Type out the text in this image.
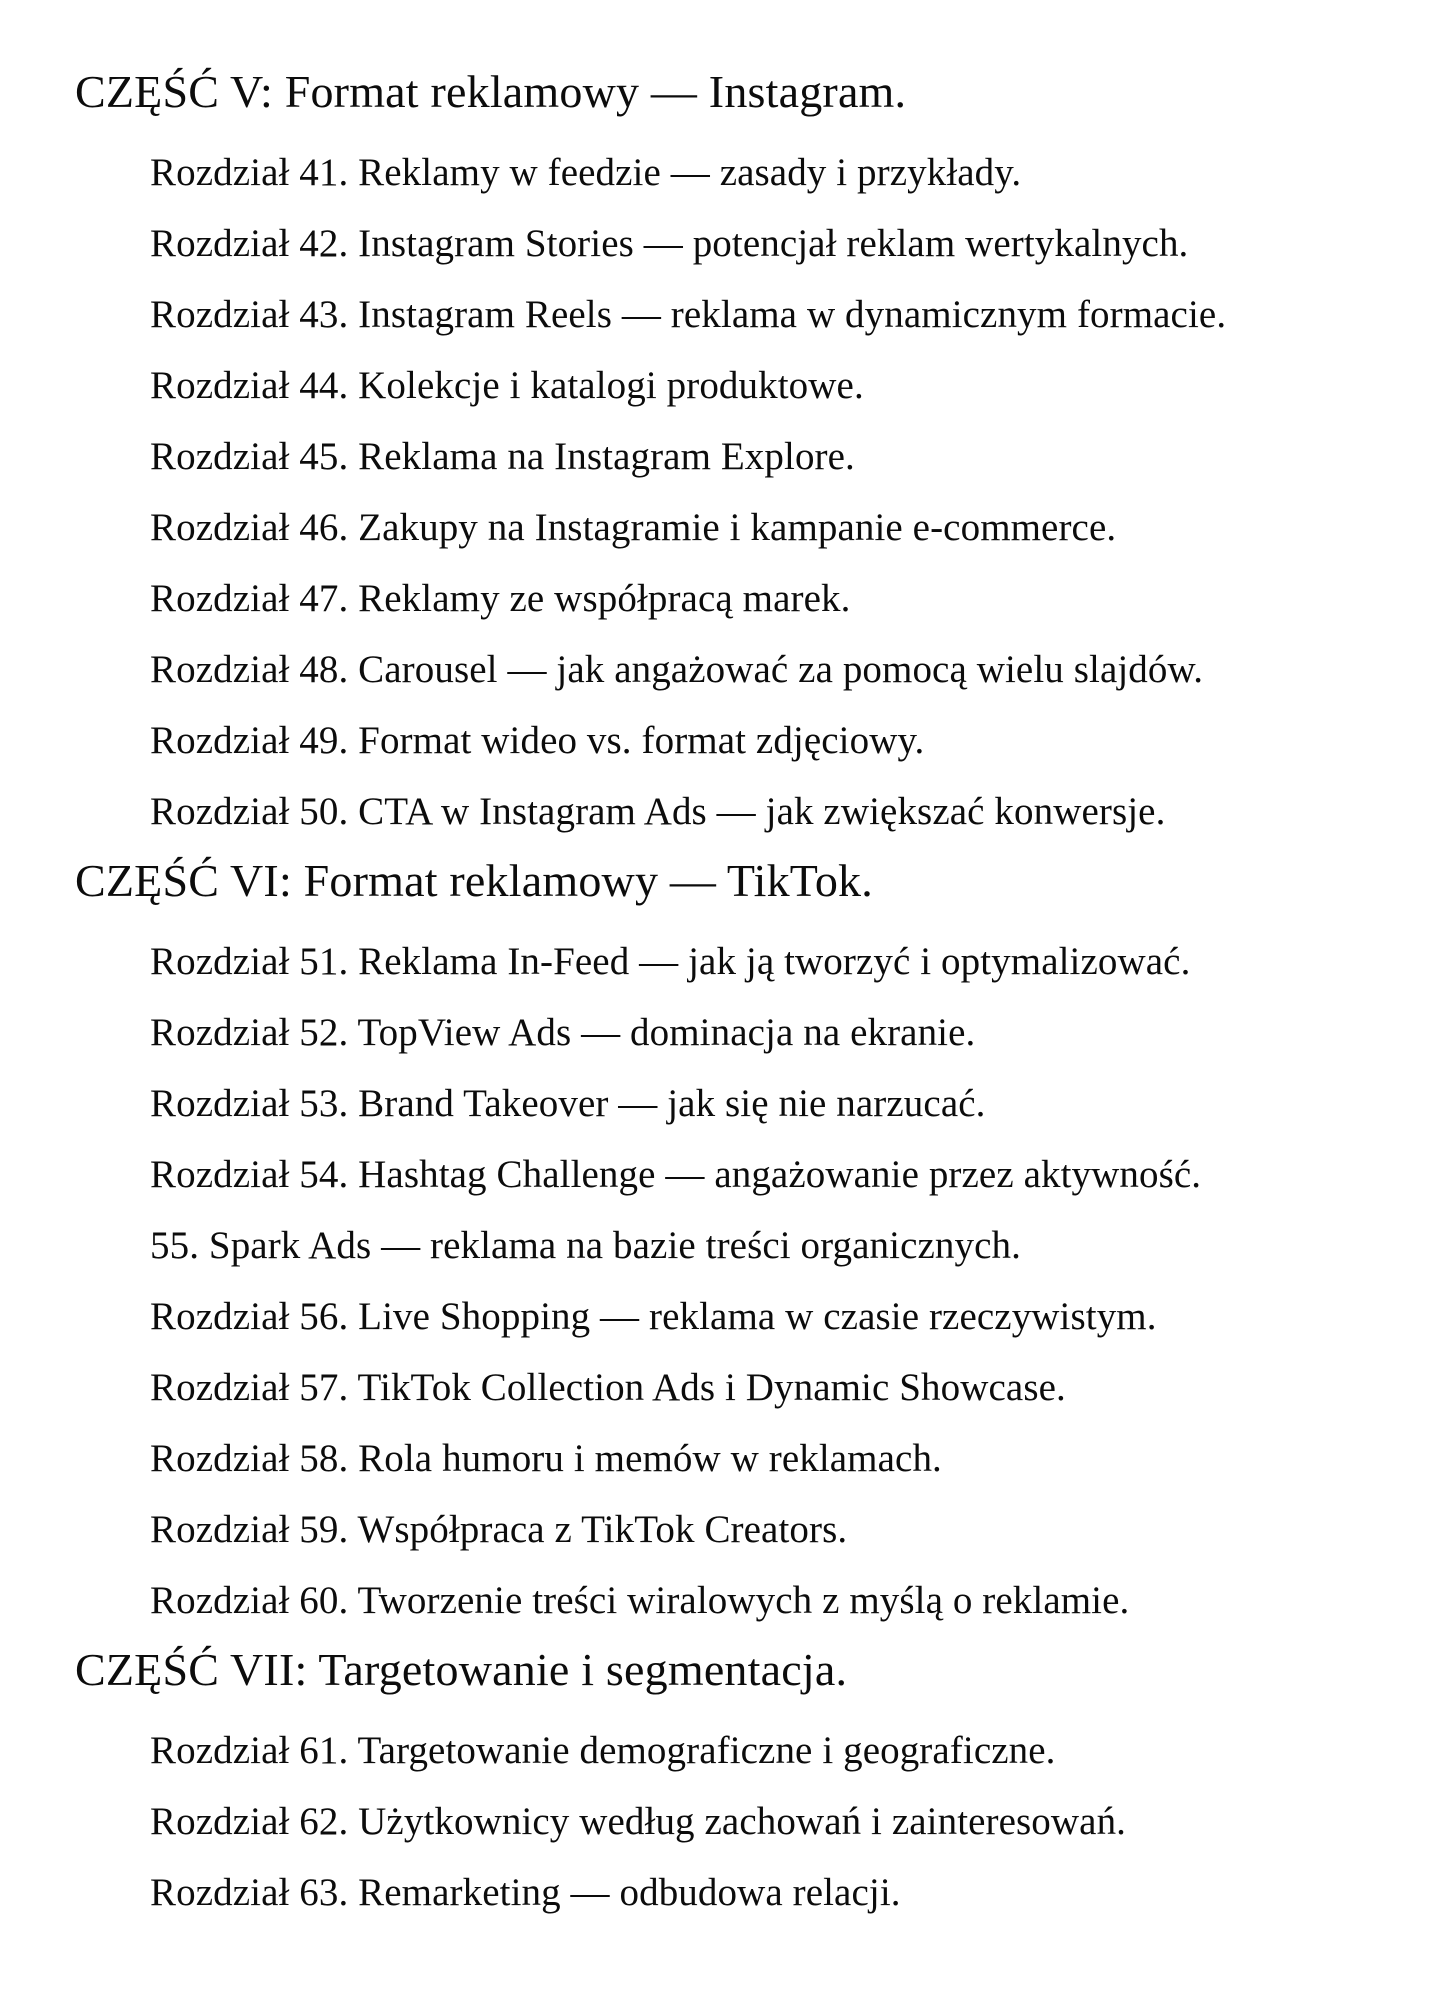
CZĘŚĆ V: Format reklamowy — Instagram.

Rozdział 41. Reklamy w feedzie — zasady i przykłady.

Rozdział 42. Instagram Stories — potencjał reklam wertykalnych.

Rozdział 43. Instagram Reels — reklama w dynamicznym formacie.

Rozdział 44. Kolekcje i katalogi produktowe.

Rozdział 45. Reklama na Instagram Explore.

Rozdział 46. Zakupy na Instagramie i kampanie e-commerce.

Rozdział 47. Reklamy ze współpracą marek.

Rozdział 48. Carousel — jak angażować za pomocą wielu slajdów.

Rozdział 49. Format wideo vs. format zdjęciowy.

Rozdział 50. CTA w Instagram Ads — jak zwiększać konwersje.

CZĘŚĆ VI: Format reklamowy — TikTok.

Rozdział 51. Reklama In-Feed — jak ją tworzyć i optymalizować.

Rozdział 52. TopView Ads — dominacja na ekranie.

Rozdział 53. Brand Takeover — jak się nie narzucać.

Rozdział 54. Hashtag Challenge — angażowanie przez aktywność.

55. Spark Ads — reklama na bazie treści organicznych.

Rozdział 56. Live Shopping — reklama w czasie rzeczywistym.

Rozdział 57. TikTok Collection Ads i Dynamic Showcase.

Rozdział 58. Rola humoru i memów w reklamach.

Rozdział 59. Współpraca z TikTok Creators.

Rozdział 60. Tworzenie treści wiralowych z myślą o reklamie.

CZĘŚĆ VII: Targetowanie i segmentacja.

Rozdział 61. Targetowanie demograficzne i geograficzne.

Rozdział 62. Użytkownicy według zachowań i zainteresowań.

Rozdział 63. Remarketing — odbudowa relacji.
